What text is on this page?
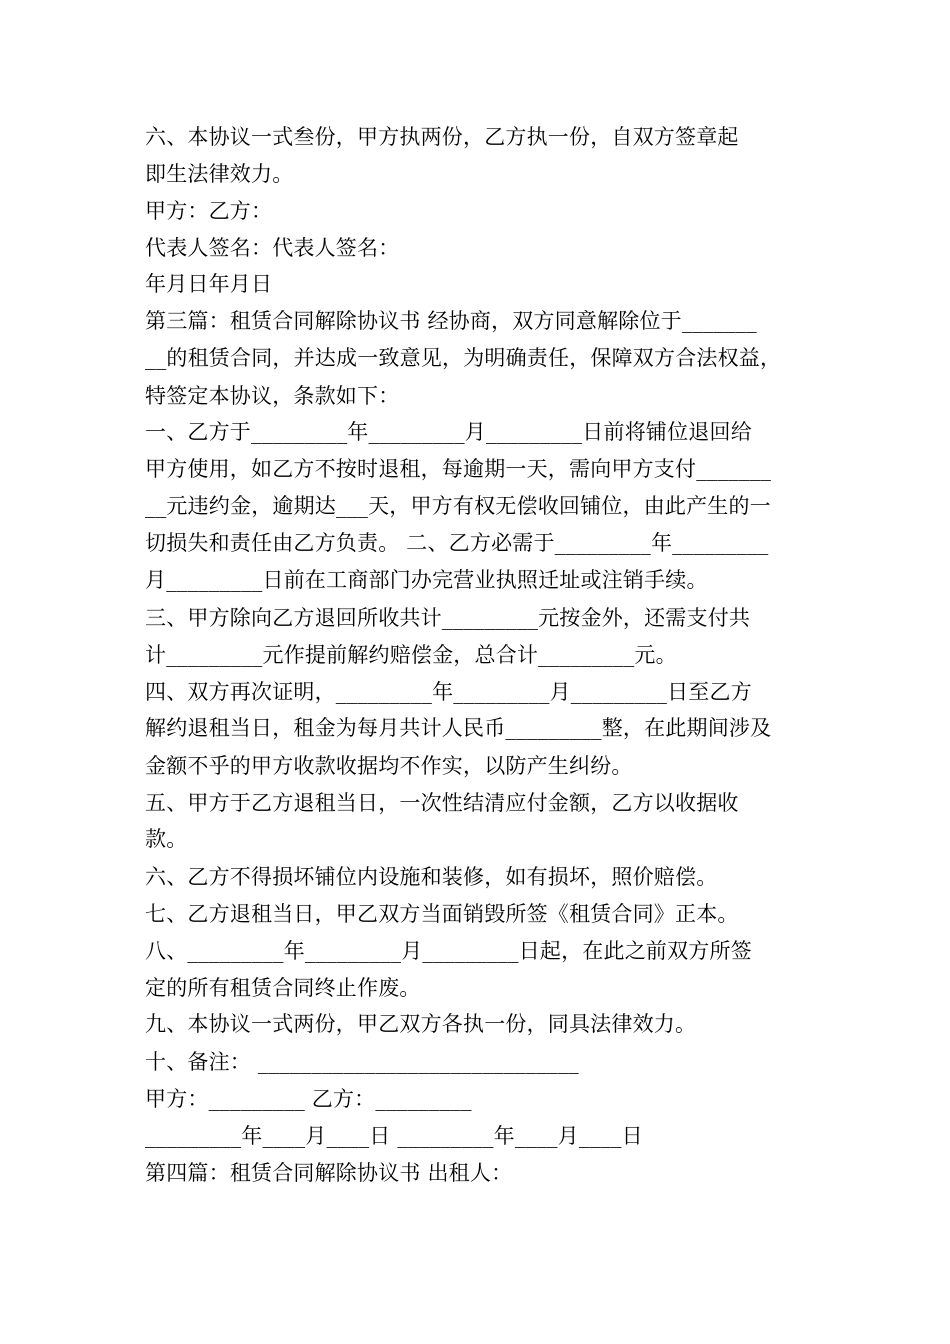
六、本协议一式叁份，甲方执两份，乙方执一份，自双方签章起
即生法律效力。
甲方：乙方：
代表人签名：代表人签名：
年月日年月日
第三篇：租赁合同解除协议书 经协商，双方同意解除位于_______
__的租赁合同，并达成一致意见，为明确责任，保障双方合法权益，
特签定本协议，条款如下：
一、乙方于_________年_________月_________日前将铺位退回给
甲方使用，如乙方不按时退租，每逾期一天，需向甲方支付_______
__元违约金，逾期达___天，甲方有权无偿收回铺位，由此产生的一
切损失和责任由乙方负责。 二、乙方必需于_________年_________
月_________日前在工商部门办完营业执照迁址或注销手续。
三、甲方除向乙方退回所收共计_________元按金外，还需支付共
计_________元作提前解约赔偿金，总合计_________元。
四、双方再次证明，_________年_________月_________日至乙方
解约退租当日，租金为每月共计人民币_________整，在此期间涉及
金额不乎的甲方收款收据均不作实，以防产生纠纷。
五、甲方于乙方退租当日，一次性结清应付金额，乙方以收据收
款。
六、乙方不得损坏铺位内设施和装修，如有损坏，照价赔偿。
七、乙方退租当日，甲乙双方当面销毁所签《租赁合同》正本。
八、_________年_________月_________日起，在此之前双方所签
定的所有租赁合同终止作废。
九、本协议一式两份，甲乙双方各执一份，同具法律效力。
十、备注： ______________________________
甲方：_________ 乙方：_________
_________年____月____日 _________年____月____日
第四篇：租赁合同解除协议书 出租人：
